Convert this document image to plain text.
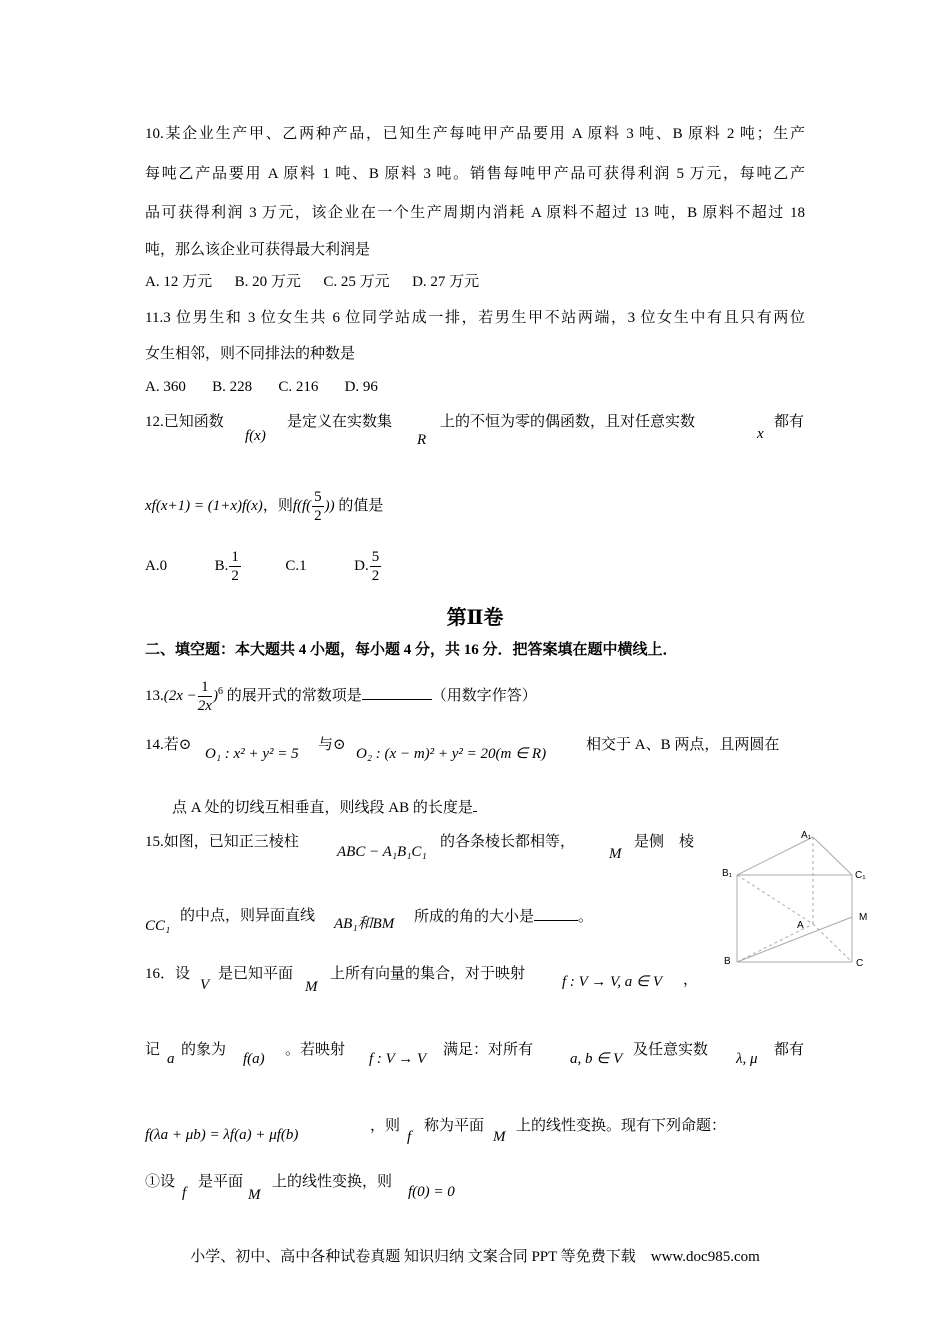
10.某企业生产甲、乙两种产品，已知生产每吨甲产品要用 A 原料 3 吨、B 原料 2 吨；生产
每吨乙产品要用 A 原料 1 吨、B 原料 3 吨。销售每吨甲产品可获得利润 5 万元，每吨乙产
品可获得利润 3 万元，该企业在一个生产周期内消耗 A 原料不超过 13 吨，B 原料不超过 18
吨，那么该企业可获得最大利润是
A. 12 万元      B. 20 万元      C. 25 万元      D. 27 万元
11.3 位男生和 3 位女生共 6 位同学站成一排，若男生甲不站两端，3 位女生中有且只有两位
女生相邻，则不同排法的种数是
A. 360       B. 228       C. 216       D. 96
12.已知函数
f(x)
是定义在实数集
R
上的不恒为零的偶函数，且对任意实数
x
都有
xf(x+1) = (1+x)f(x)，则$f(f( \frac{5}{2}$ )) 的值是
A.0	B. $\frac{1}{2}$	C.1	D. $\frac{5}{2}$
第Ⅱ卷
二、填空题：本大题共 4 小题，每小题 4 分，共 16 分．把答案填在题中横线上．
$13.(2x - \frac{1}{2x} )^6$ 的展开式的常数项是	（用数字作答）
14.若⊙
O₁ : x² + y² = 5
与⊙
O₂ : (x − m)² + y² = 20(m ∈ R)
相交于 A、B 两点，且两圆在
点 A 处的切线互相垂直，则线段 AB 的长度是
15.如图，已知正三棱柱
ABC − A₁B₁C₁
的各条棱长都相等，
M
是侧　棱
CC₁
的中点，则异面直线 AB₁和BM 所成的角的大小是	。
A₁
B₁	C₁
A
M
B	C
16．设
V
是已知平面
M
上所有向量的集合，对于映射 f : V → V, a ∈ V ，
记
a
的象为
f(a)
。若映射
f : V → V
满足：对所有
a, b ∈ V
及任意实数
λ, μ
都有
f(λa + μb) = λf(a) + μf(b)
，则
f
称为平面
M
上的线性变换。现有下列命题：
①设
f
是平面
M
上的线性变换，则
f(0) = 0
小学、初中、高中各种试卷真题 知识归纳 文案合同 PPT 等免费下载　www.doc985.com
